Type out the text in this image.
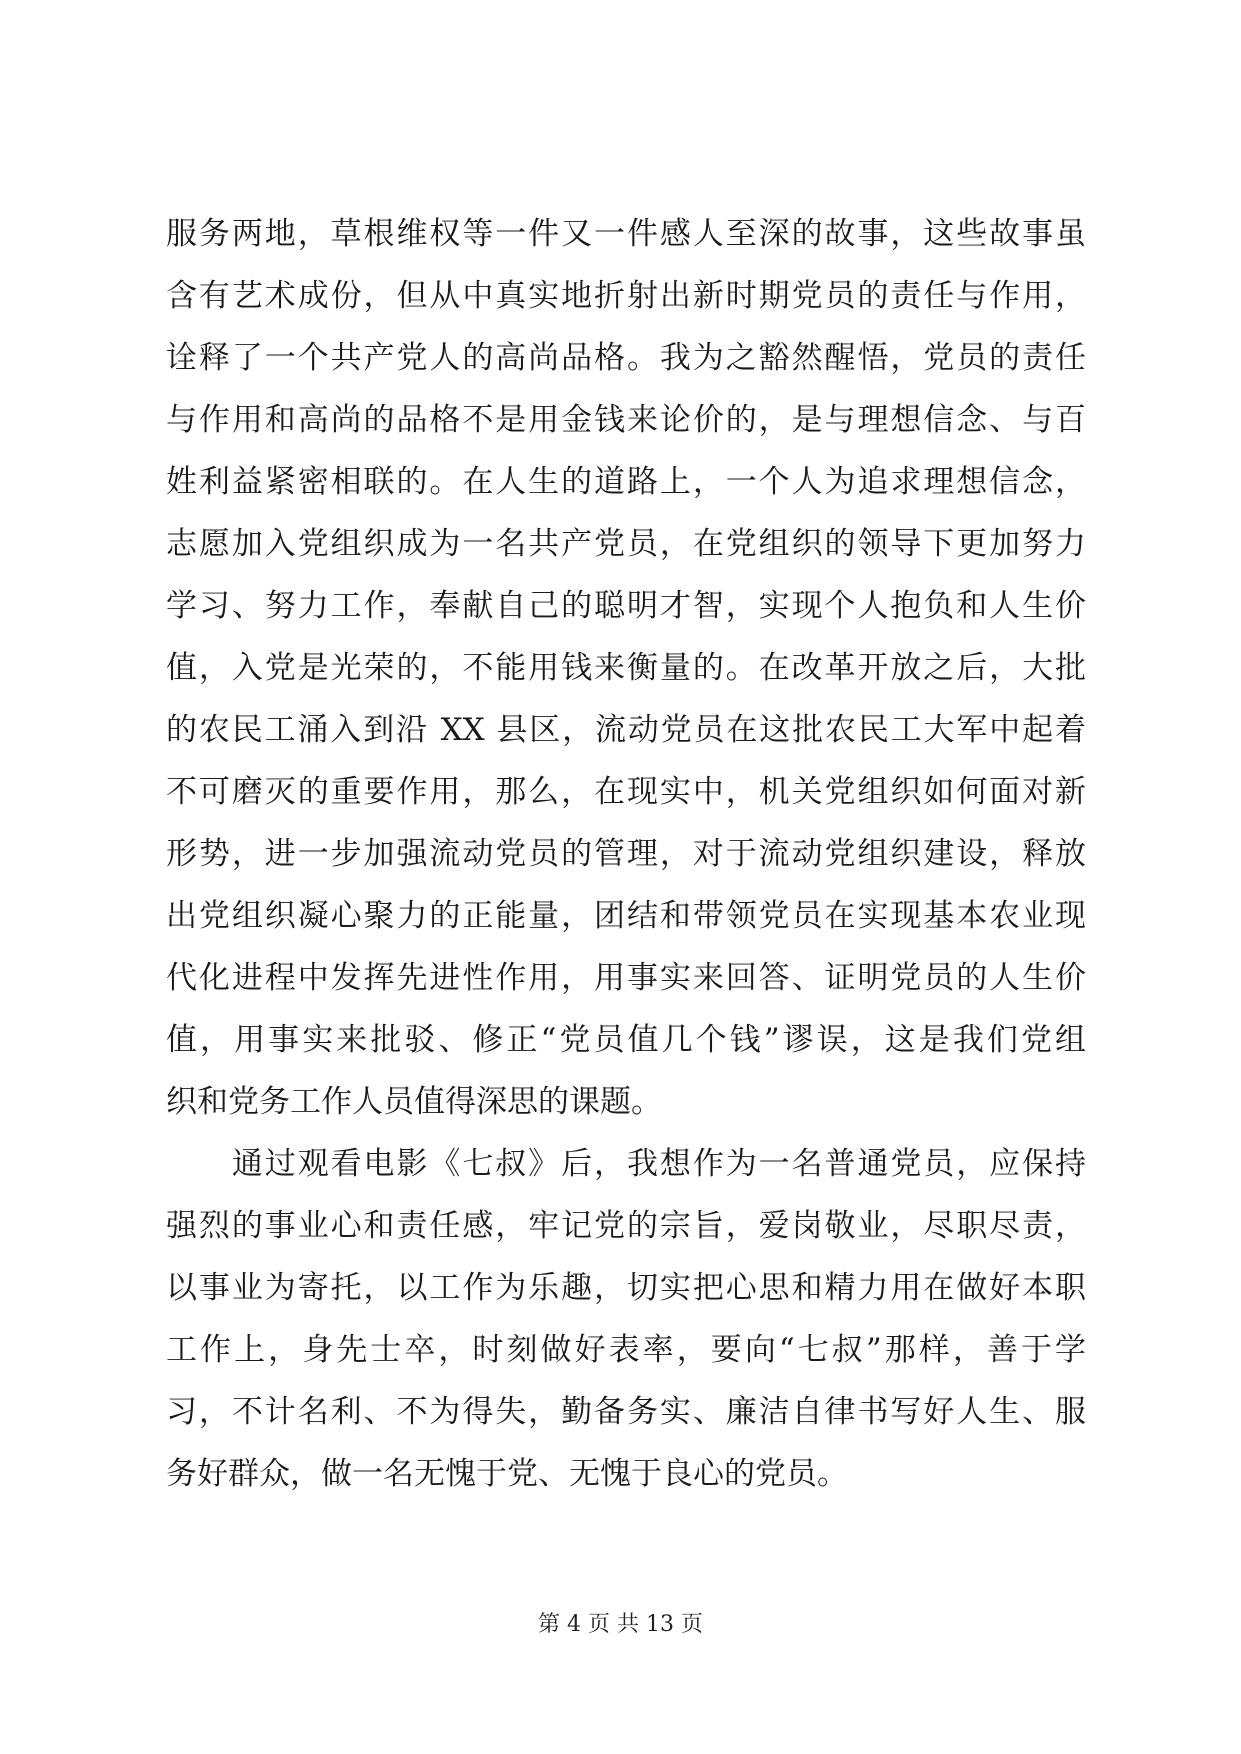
服务两地，草根维权等一件又一件感人至深的故事，这些故事虽
含有艺术成份，但从中真实地折射出新时期党员的责任与作用，
诠释了一个共产党人的高尚品格。我为之豁然醒悟，党员的责任
与作用和高尚的品格不是用金钱来论价的，是与理想信念、与百
姓利益紧密相联的。在人生的道路上，一个人为追求理想信念，
志愿加入党组织成为一名共产党员，在党组织的领导下更加努力
学习、努力工作，奉献自己的聪明才智，实现个人抱负和人生价
值，入党是光荣的，不能用钱来衡量的。在改革开放之后，大批
的农民工涌入到沿 XX 县区，流动党员在这批农民工大军中起着
不可磨灭的重要作用，那么，在现实中，机关党组织如何面对新
形势，进一步加强流动党员的管理，对于流动党组织建设，释放
出党组织凝心聚力的正能量，团结和带领党员在实现基本农业现
代化进程中发挥先进性作用，用事实来回答、证明党员的人生价
值，用事实来批驳、修正“党员值几个钱”谬误，这是我们党组
织和党务工作人员值得深思的课题。
　　通过观看电影《七叔》后，我想作为一名普通党员，应保持
强烈的事业心和责任感，牢记党的宗旨，爱岗敬业，尽职尽责，
以事业为寄托，以工作为乐趣，切实把心思和精力用在做好本职
工作上，身先士卒，时刻做好表率，要向“七叔”那样，善于学
习，不计名利、不为得失，勤备务实、廉洁自律书写好人生、服
务好群众，做一名无愧于党、无愧于良心的党员。
第 4 页 共 13 页
